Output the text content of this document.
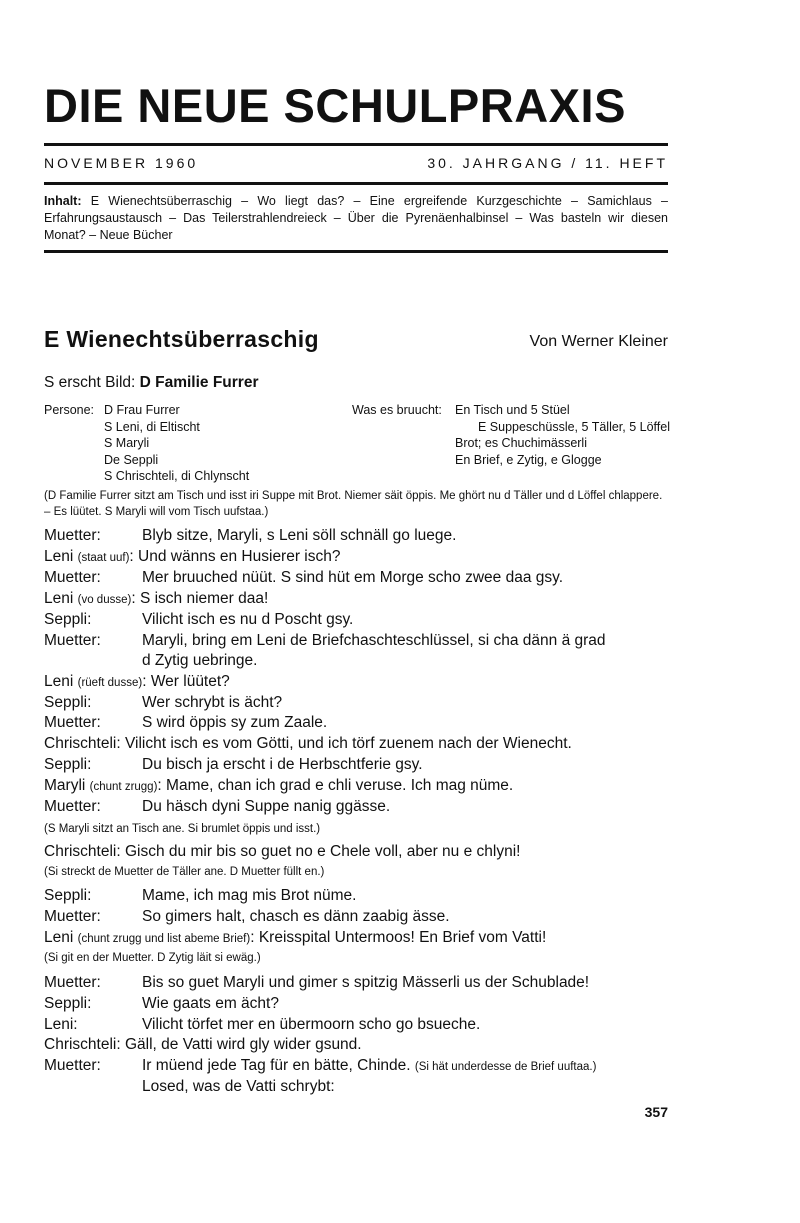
DIE NEUE SCHULPRAXIS
NOVEMBER 1960	30. JAHRGANG / 11. HEFT
Inhalt: E Wienechtsüberraschig – Wo liegt das? – Eine ergreifende Kurzgeschichte – Samichlaus – Erfahrungsaustausch – Das Teilerstrahlendreieck – Über die Pyrenäenhalbinsel – Was basteln wir diesen Monat? – Neue Bücher
E Wienechtsüberraschig	Von Werner Kleiner
S erscht Bild: D Familie Furrer
Persone: D Frau Furrer
S Leni, di Eltischt
S Maryli
De Seppli
S Chrischteli, di Chlynscht
Was es bruucht: En Tisch und 5 Stüel
E Suppeschüssle, 5 Täller, 5 Löffel
Brot; es Chuchimässerli
En Brief, e Zytig, e Glogge
(D Familie Furrer sitzt am Tisch und isst iri Suppe mit Brot. Niemer säit öppis. Me ghört nu d Täller und d Löffel chlappere. – Es lüütet. S Maryli will vom Tisch uufstaa.)
Muetter:	Blyb sitze, Maryli, s Leni söll schnäll go luege.
Leni (staat uuf): Und wänns en Husierer isch?
Muetter:	Mer bruuched nüüt. S sind hüt em Morge scho zwee daa gsy.
Leni (vo dusse): S isch niemer daa!
Seppli:	Vilicht isch es nu d Poscht gsy.
Muetter:	Maryli, bring em Leni de Briefchaschteschlüssel, si cha dänn ä grad
d Zytig uebringe.
Leni (rüeft dusse): Wer lüütet?
Seppli:	Wer schrybt is ächt?
Muetter:	S wird öppis sy zum Zaale.
Chrischteli: Vilicht isch es vom Götti, und ich törf zuenem nach der Wienecht.
Seppli:	Du bisch ja erscht i de Herbschtferie gsy.
Maryli (chunt zrugg): Mame, chan ich grad e chli veruse. Ich mag nüme.
Muetter:	Du häsch dyni Suppe nanig ggässe.
(S Maryli sitzt an Tisch ane. Si brumlet öppis und isst.)
Chrischteli: Gisch du mir bis so guet no e Chele voll, aber nu e chlyni!
(Si streckt de Muetter de Täller ane. D Muetter füllt en.)
Seppli:	Mame, ich mag mis Brot nüme.
Muetter:	So gimers halt, chasch es dänn zaabig ässe.
Leni (chunt zrugg und list abeme Brief): Kreisspital Untermoos! En Brief vom Vatti!
(Si git en der Muetter. D Zytig läit si ewäg.)
Muetter:	Bis so guet Maryli und gimer s spitzig Mässerli us der Schublade!
Seppli:	Wie gaats em ächt?
Leni:	Vilicht törfet mer en übermoorn scho go bsueche.
Chrischteli: Gäll, de Vatti wird gly wider gsund.
Muetter:	Ir müend jede Tag für en bätte, Chinde. (Si hät underdesse de Brief uuftaa.)
Losed, was de Vatti schrybt:
357
